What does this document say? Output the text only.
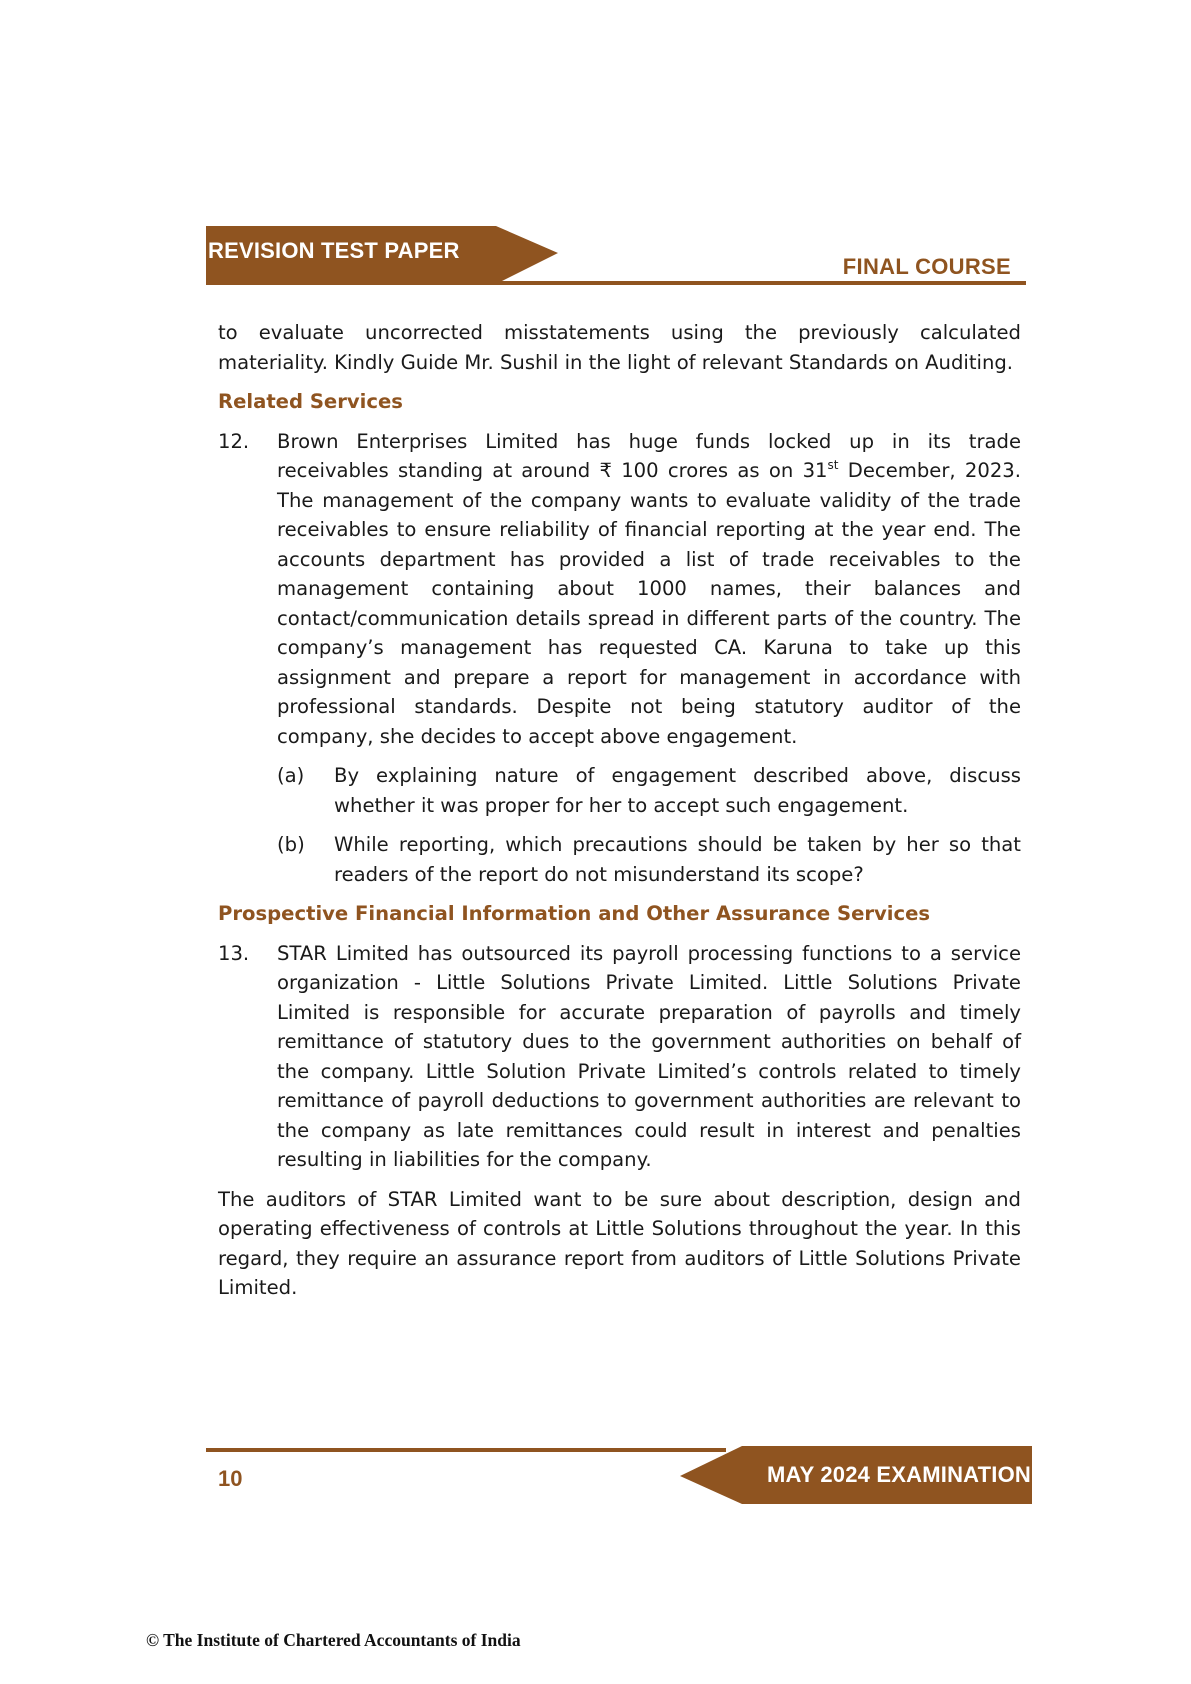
REVISION TEST PAPER
FINAL COURSE

to evaluate uncorrected misstatements using the previously calculated materiality. Kindly Guide Mr. Sushil in the light of relevant Standards on Auditing.

Related Services
12.	Brown Enterprises Limited has huge funds locked up in its trade receivables standing at around ₹ 100 crores as on 31st December, 2023. The management of the company wants to evaluate validity of the trade receivables to ensure reliability of financial reporting at the year end. The accounts department has provided a list of trade receivables to the management containing about 1000 names, their balances and contact/communication details spread in different parts of the country. The company’s management has requested CA. Karuna to take up this assignment and prepare a report for management in accordance with professional standards. Despite not being statutory auditor of the company, she decides to accept above engagement.
(a)	By explaining nature of engagement described above, discuss whether it was proper for her to accept such engagement.
(b)	While reporting, which precautions should be taken by her so that readers of the report do not misunderstand its scope?
Prospective Financial Information and Other Assurance Services
13.	STAR Limited has outsourced its payroll processing functions to a service organization - Little Solutions Private Limited. Little Solutions Private Limited is responsible for accurate preparation of payrolls and timely remittance of statutory dues to the government authorities on behalf of the company. Little Solution Private Limited’s controls related to timely remittance of payroll deductions to government authorities are relevant to the company as late remittances could result in interest and penalties resulting in liabilities for the company.

The auditors of STAR Limited want to be sure about description, design and operating effectiveness of controls at Little Solutions throughout the year. In this regard, they require an assurance report from auditors of Little Solutions Private Limited.

10	MAY 2024 EXAMINATION
© The Institute of Chartered Accountants of India
